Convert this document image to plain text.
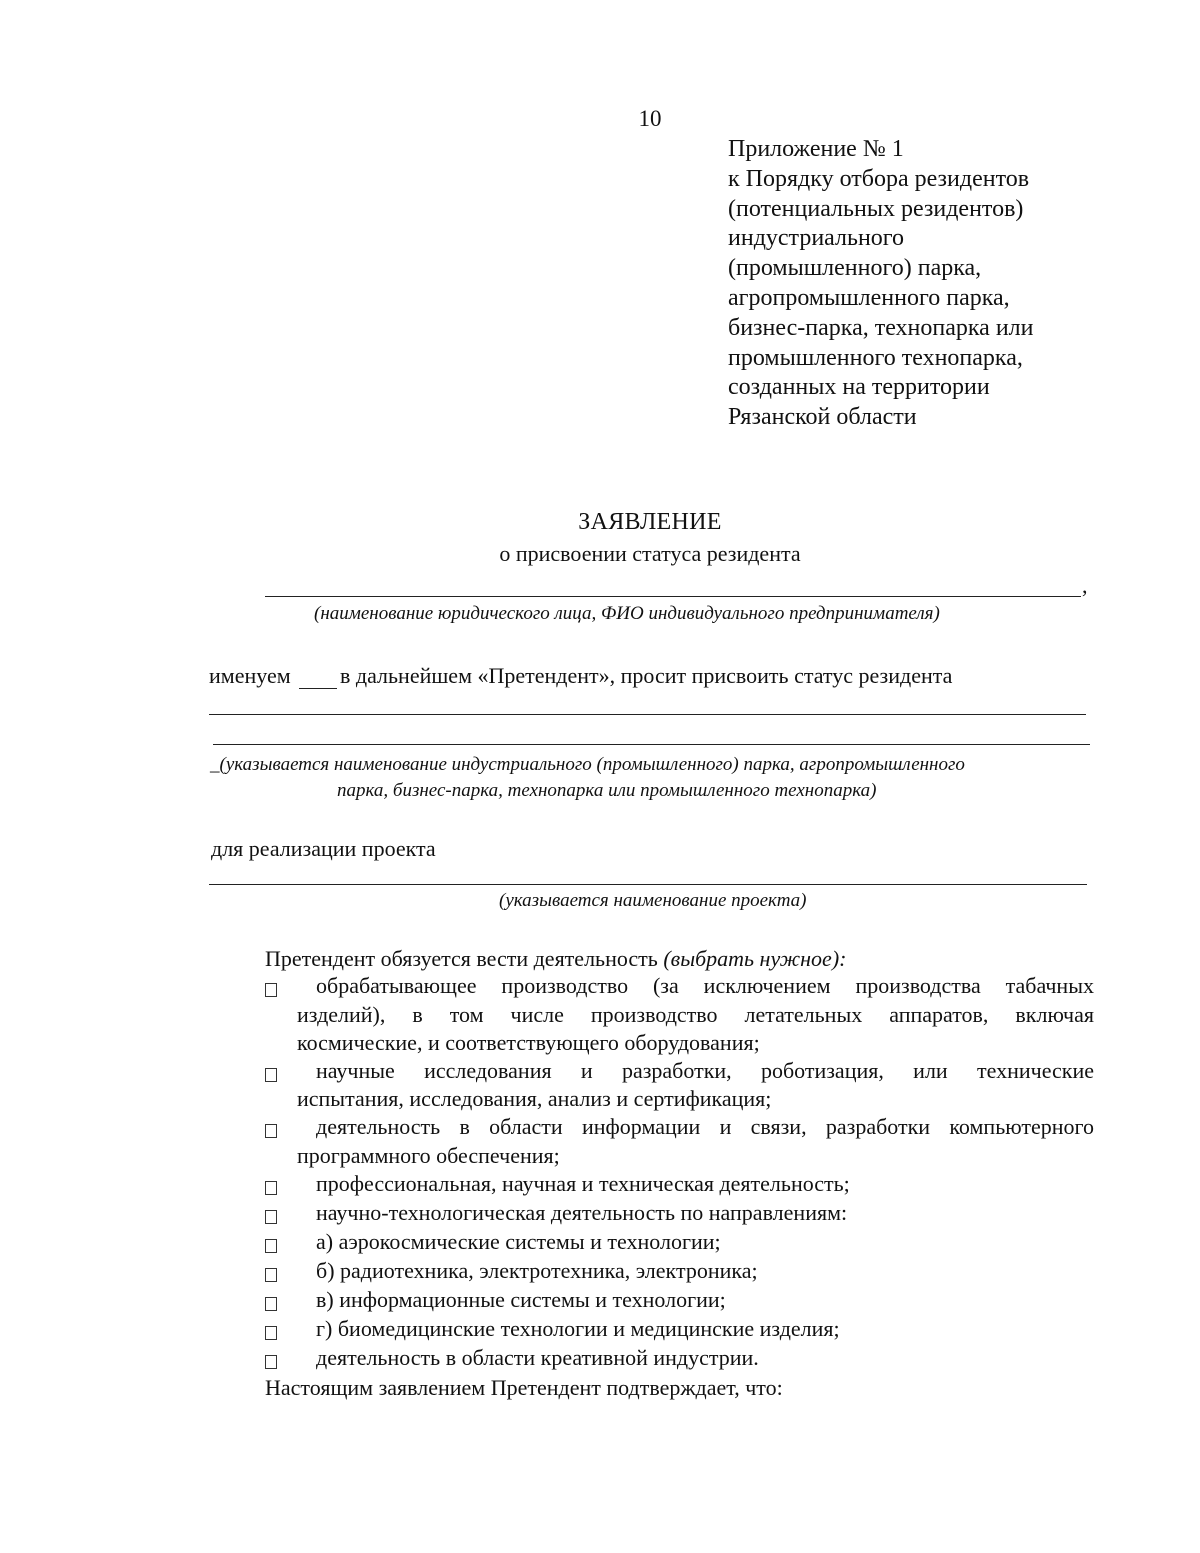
10
Приложение № 1
к Порядку отбора резидентов
(потенциальных резидентов)
индустриального
(промышленного) парка,
агропромышленного парка,
бизнес-парка, технопарка или
промышленного технопарка,
созданных на территории
Рязанской области
ЗАЯВЛЕНИЕ
о присвоении статуса резидента
,
(наименование юридического лица, ФИО индивидуального предпринимателя)
именуем в дальнейшем «Претендент», просит присвоить статус резидента
_(указывается наименование индустриального (промышленного) парка, агропромышленного
парка, бизнес-парка, технопарка или промышленного технопарка)
для реализации проекта
(указывается наименование проекта)
Претендент обязуется вести деятельность (выбрать нужное):
обрабатывающее производство (за исключением производства табачных
изделий), в том числе производство летательных аппаратов, включая
космические, и соответствующего оборудования;
научные исследования и разработки, роботизация, или технические
испытания, исследования, анализ и сертификация;
деятельность в области информации и связи, разработки компьютерного
программного обеспечения;
профессиональная, научная и техническая деятельность;
научно-технологическая деятельность по направлениям:
а) аэрокосмические системы и технологии;
б) радиотехника, электротехника, электроника;
в) информационные системы и технологии;
г) биомедицинские технологии и медицинские изделия;
деятельность в области креативной индустрии.
Настоящим заявлением Претендент подтверждает, что:
